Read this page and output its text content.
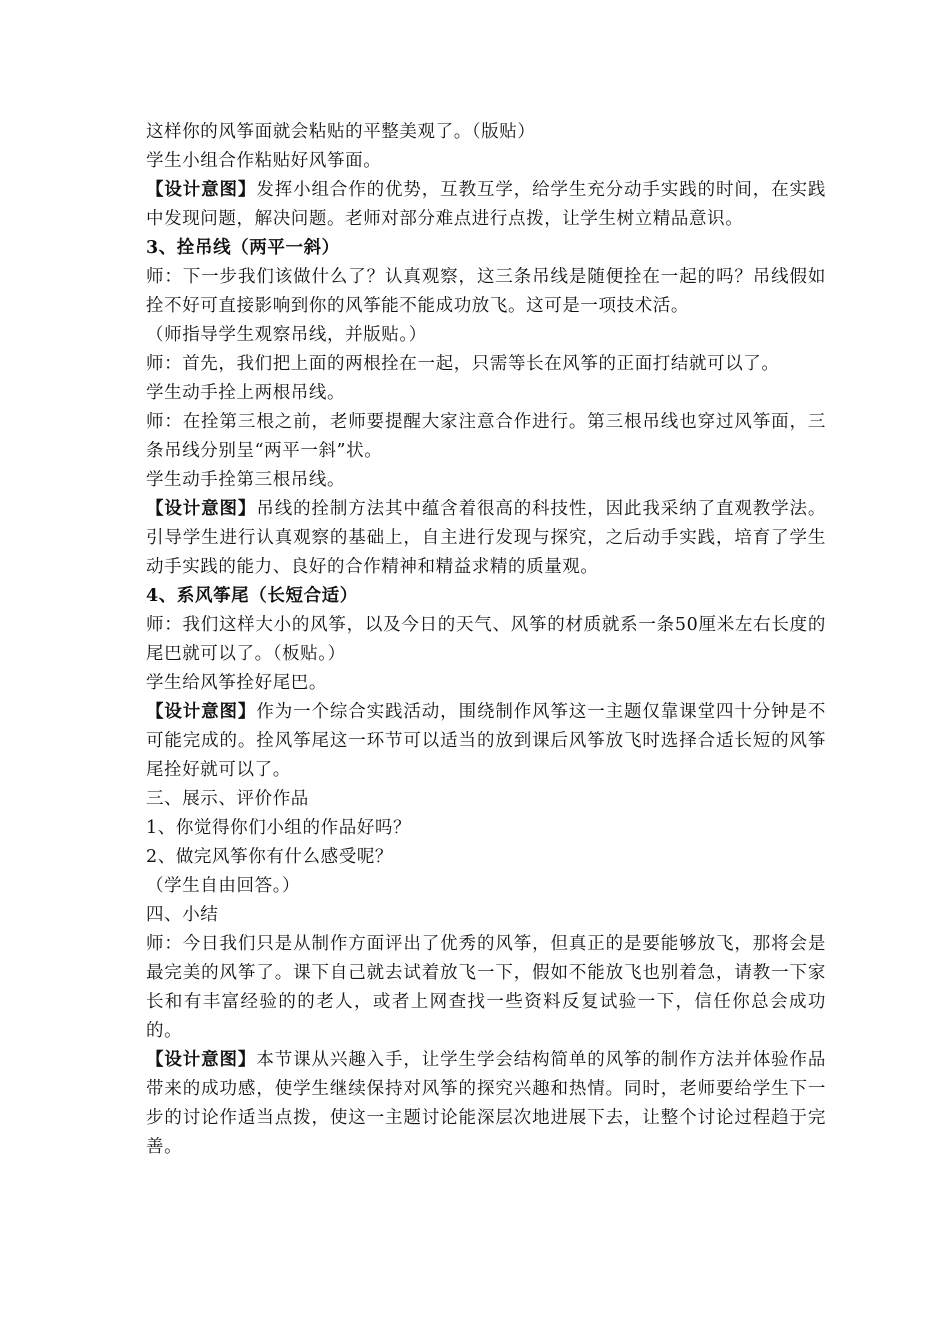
这样你的风筝面就会粘贴的平整美观了。（版贴）

学生小组合作粘贴好风筝面。

【设计意图】发挥小组合作的优势，互教互学，给学生充分动手实践的时间，在实践中发现问题，解决问题。老师对部分难点进行点拨，让学生树立精品意识。

3、拴吊线（两平一斜）

师：下一步我们该做什么了？认真观察，这三条吊线是随便拴在一起的吗？吊线假如拴不好可直接影响到你的风筝能不能成功放飞。这可是一项技术活。

（师指导学生观察吊线，并版贴。）

师：首先，我们把上面的两根拴在一起，只需等长在风筝的正面打结就可以了。

学生动手拴上两根吊线。

师：在拴第三根之前，老师要提醒大家注意合作进行。第三根吊线也穿过风筝面，三条吊线分别呈“两平一斜”状。

学生动手拴第三根吊线。

【设计意图】吊线的拴制方法其中蕴含着很高的科技性，因此我采纳了直观教学法。引导学生进行认真观察的基础上，自主进行发现与探究，之后动手实践，培育了学生动手实践的能力、良好的合作精神和精益求精的质量观。

4、系风筝尾（长短合适）

师：我们这样大小的风筝，以及今日的天气、风筝的材质就系一条50厘米左右长度的尾巴就可以了。（板贴。）

学生给风筝拴好尾巴。

【设计意图】作为一个综合实践活动，围绕制作风筝这一主题仅靠课堂四十分钟是不可能完成的。拴风筝尾这一环节可以适当的放到课后风筝放飞时选择合适长短的风筝尾拴好就可以了。

三、展示、评价作品

1、你觉得你们小组的作品好吗？

2、做完风筝你有什么感受呢？

（学生自由回答。）

四、小结

师：今日我们只是从制作方面评出了优秀的风筝，但真正的是要能够放飞，那将会是最完美的风筝了。课下自己就去试着放飞一下，假如不能放飞也别着急，请教一下家长和有丰富经验的的老人，或者上网查找一些资料反复试验一下，信任你总会成功的。

【设计意图】本节课从兴趣入手，让学生学会结构简单的风筝的制作方法并体验作品带来的成功感，使学生继续保持对风筝的探究兴趣和热情。同时，老师要给学生下一步的讨论作适当点拨，使这一主题讨论能深层次地进展下去，让整个讨论过程趋于完善。
